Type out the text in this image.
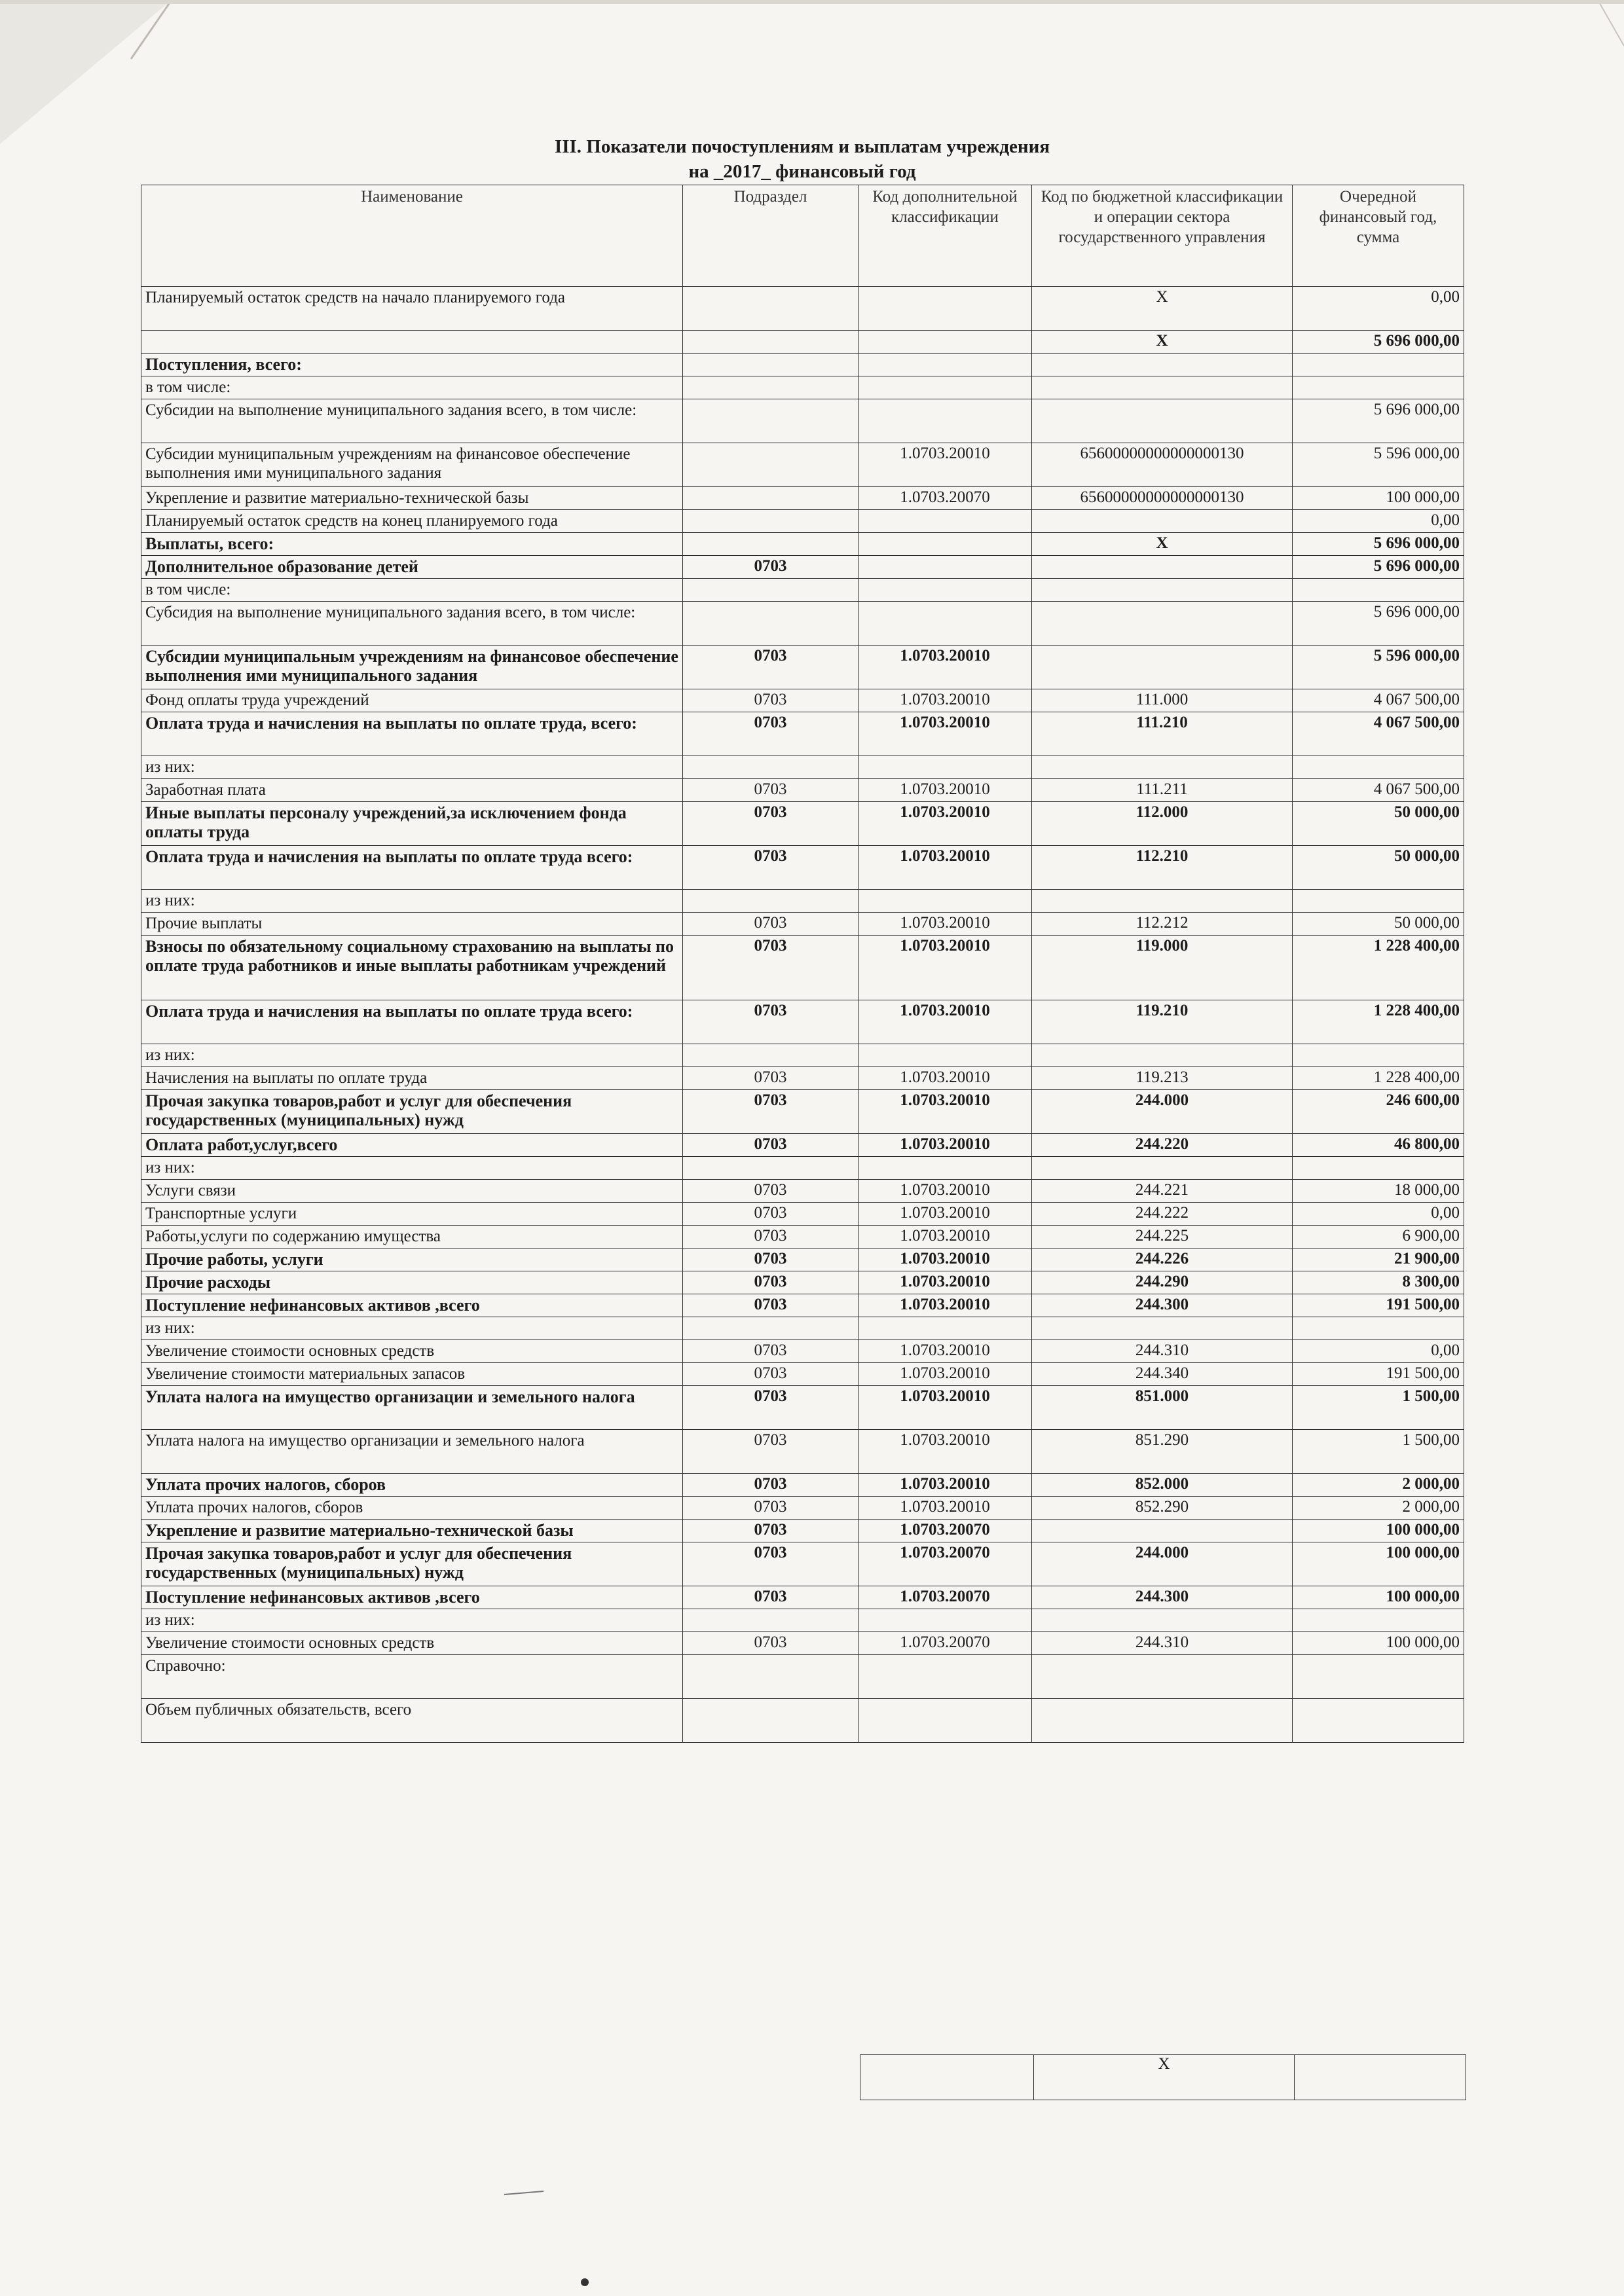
III. Показатели почоступлениям и выплатам учреждения
на _2017_ финансовый год
Наименование	Подраздел	Код дополнительной классификации	Код по бюджетной классификации и операции сектора государственного управления	Очередной финансовый год, сумма
Планируемый остаток средств на начало планируемого года			Х	0,00
			Х	5 696 000,00
Поступления, всего:				
в том числе:				
Субсидии на выполнение муниципального задания всего, в том числе:				5 696 000,00
Субсидии муниципальным учреждениям на финансовое обеспечение выполнения ими муниципального задания		1.0703.20010	65600000000000000130	5 596 000,00
Укрепление и развитие материально-технической базы		1.0703.20070	65600000000000000130	100 000,00
Планируемый остаток средств на конец планируемого года				0,00
Выплаты, всего:			Х	5 696 000,00
Дополнительное образование детей	0703			5 696 000,00
в том числе:				
Субсидия на выполнение муниципального задания всего, в том числе:				5 696 000,00
Субсидии муниципальным учреждениям на финансовое обеспечение выполнения ими муниципального задания	0703	1.0703.20010		5 596 000,00
Фонд оплаты труда учреждений	0703	1.0703.20010	111.000	4 067 500,00
Оплата труда и начисления на выплаты по оплате труда, всего:	0703	1.0703.20010	111.210	4 067 500,00
из них:				
Заработная плата	0703	1.0703.20010	111.211	4 067 500,00
Иные выплаты персоналу учреждений,за исключением фонда оплаты труда	0703	1.0703.20010	112.000	50 000,00
Оплата труда и начисления на выплаты по оплате труда всего:	0703	1.0703.20010	112.210	50 000,00
из них:				
Прочие выплаты	0703	1.0703.20010	112.212	50 000,00
Взносы по обязательному социальному страхованию на выплаты по оплате труда работников и иные выплаты работникам учреждений	0703	1.0703.20010	119.000	1 228 400,00
Оплата труда и начисления на выплаты по оплате труда всего:	0703	1.0703.20010	119.210	1 228 400,00
из них:				
Начисления на выплаты по оплате труда	0703	1.0703.20010	119.213	1 228 400,00
Прочая закупка товаров,работ и услуг для обеспечения государственных (муниципальных) нужд	0703	1.0703.20010	244.000	246 600,00
Оплата работ,услуг,всего	0703	1.0703.20010	244.220	46 800,00
из них:				
Услуги связи	0703	1.0703.20010	244.221	18 000,00
Транспортные услуги	0703	1.0703.20010	244.222	0,00
Работы,услуги по содержанию имущества	0703	1.0703.20010	244.225	6 900,00
Прочие работы, услуги	0703	1.0703.20010	244.226	21 900,00
Прочие расходы	0703	1.0703.20010	244.290	8 300,00
Поступление нефинансовых активов ,всего	0703	1.0703.20010	244.300	191 500,00
из них:				
Увеличение стоимости основных средств	0703	1.0703.20010	244.310	0,00
Увеличение стоимости материальных запасов	0703	1.0703.20010	244.340	191 500,00
Уплата налога на имущество организации и земельного налога	0703	1.0703.20010	851.000	1 500,00
Уплата налога на имущество организации и земельного налога	0703	1.0703.20010	851.290	1 500,00
Уплата прочих налогов, сборов	0703	1.0703.20010	852.000	2 000,00
Уплата прочих налогов, сборов	0703	1.0703.20010	852.290	2 000,00
Укрепление и развитие материально-технической базы	0703	1.0703.20070		100 000,00
Прочая закупка товаров,работ и услуг для обеспечения государственных (муниципальных) нужд	0703	1.0703.20070	244.000	100 000,00
Поступление нефинансовых активов ,всего	0703	1.0703.20070	244.300	100 000,00
из них:				
Увеличение стоимости основных средств	0703	1.0703.20070	244.310	100 000,00
Справочно:				
Объем публичных обязательств, всего				
	Х	
